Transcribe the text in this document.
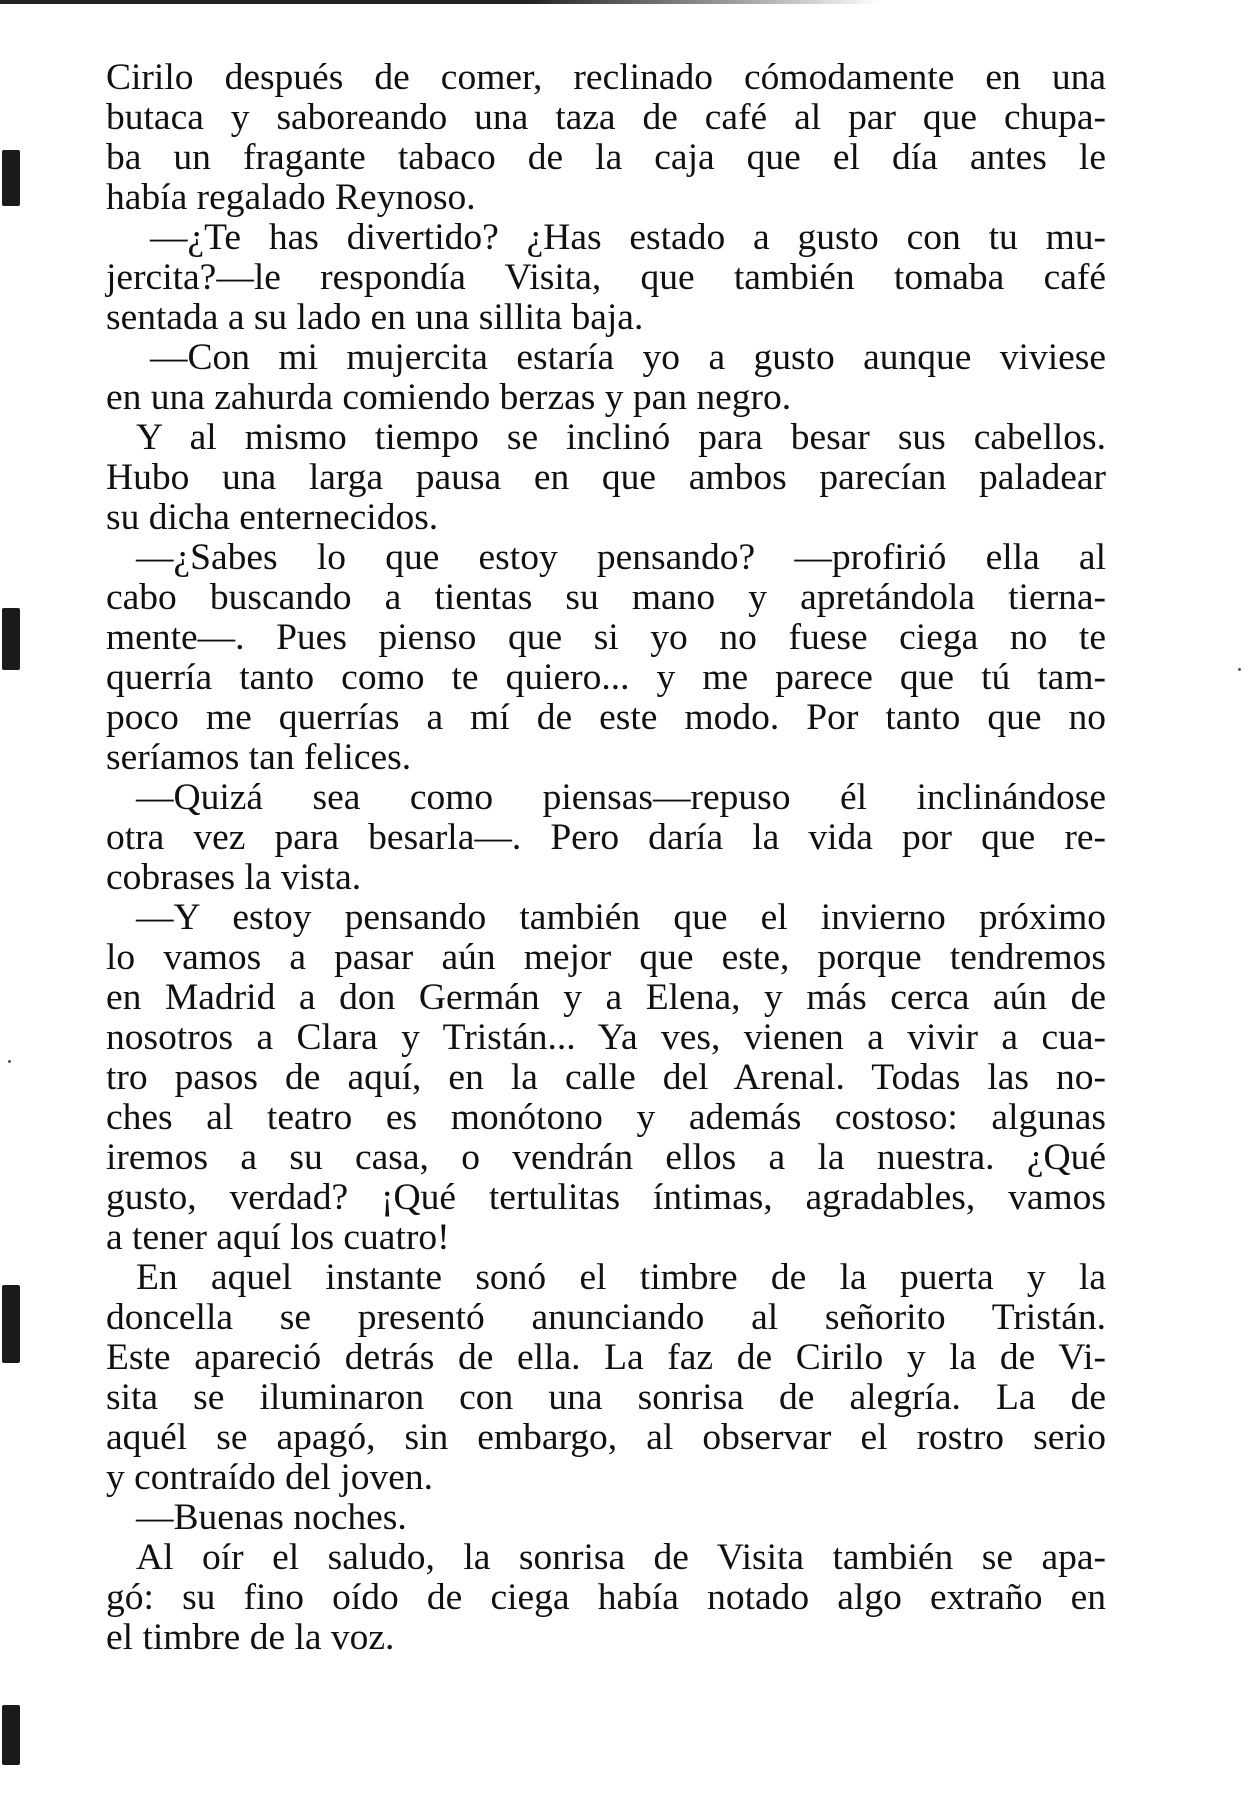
Cirilo después de comer, reclinado cómodamente en una
butaca y saboreando una taza de café al par que chupa-
ba un fragante tabaco de la caja que el día antes le
había regalado Reynoso.
—¿Te has divertido? ¿Has estado a gusto con tu mu-
jercita?—le respondía Visita, que también tomaba café
sentada a su lado en una sillita baja.
—Con mi mujercita estaría yo a gusto aunque viviese
en una zahurda comiendo berzas y pan negro.
Y al mismo tiempo se inclinó para besar sus cabellos.
Hubo una larga pausa en que ambos parecían paladear
su dicha enternecidos.
—¿Sabes lo que estoy pensando? —profirió ella al
cabo buscando a tientas su mano y apretándola tierna-
mente—. Pues pienso que si yo no fuese ciega no te
querría tanto como te quiero... y me parece que tú tam-
poco me querrías a mí de este modo. Por tanto que no
seríamos tan felices.
—Quizá sea como piensas—repuso él inclinándose
otra vez para besarla—. Pero daría la vida por que re-
cobrases la vista.
—Y estoy pensando también que el invierno próximo
lo vamos a pasar aún mejor que este, porque tendremos
en Madrid a don Germán y a Elena, y más cerca aún de
nosotros a Clara y Tristán... Ya ves, vienen a vivir a cua-
tro pasos de aquí, en la calle del Arenal. Todas las no-
ches al teatro es monótono y además costoso: algunas
iremos a su casa, o vendrán ellos a la nuestra. ¿Qué
gusto, verdad? ¡Qué tertulitas íntimas, agradables, vamos
a tener aquí los cuatro!
En aquel instante sonó el timbre de la puerta y la
doncella se presentó anunciando al señorito Tristán.
Este apareció detrás de ella. La faz de Cirilo y la de Vi-
sita se iluminaron con una sonrisa de alegría. La de
aquél se apagó, sin embargo, al observar el rostro serio
y contraído del joven.
—Buenas noches.
Al oír el saludo, la sonrisa de Visita también se apa-
gó: su fino oído de ciega había notado algo extraño en
el timbre de la voz.
